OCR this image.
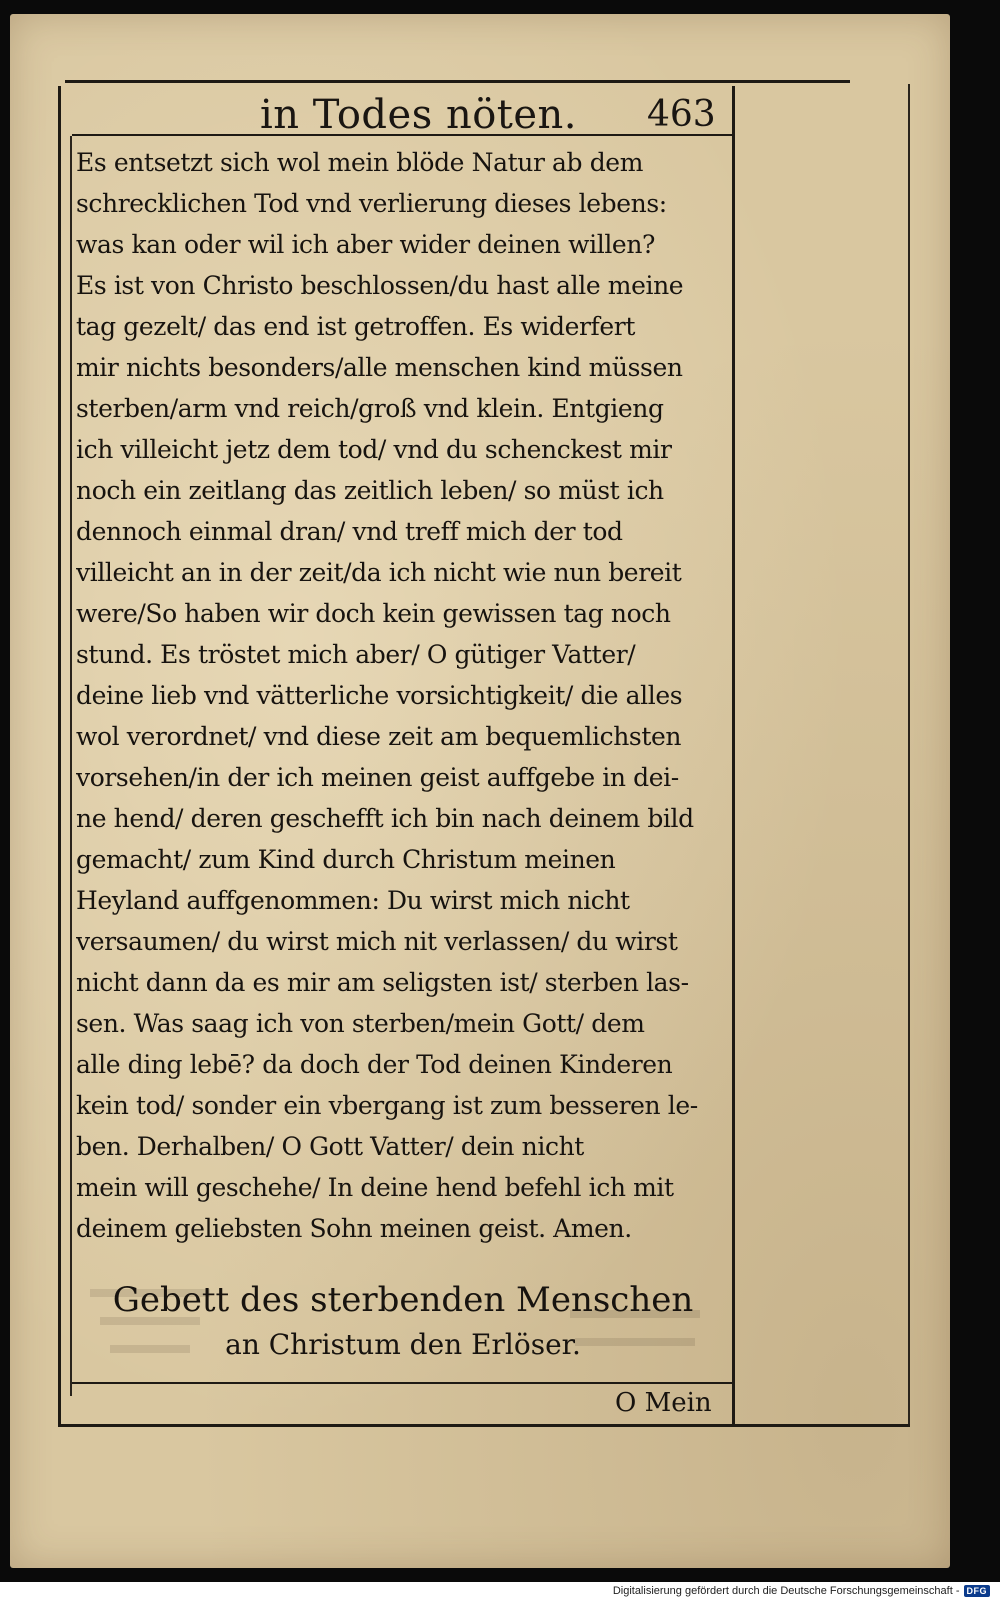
in Todes nöten. 463
Es entsetzt sich wol mein blöde Natur ab dem
schrecklichen Tod vnd verlierung dieses lebens:
was kan oder wil ich aber wider deinen willen?
Es ist von Christo beschlossen/du hast alle meine
tag gezelt/ das end ist getroffen. Es widerfert
mir nichts besonders/alle menschen kind müssen
sterben/arm vnd reich/groß vnd klein. Entgieng
ich villeicht jetz dem tod/ vnd du schenckest mir
noch ein zeitlang das zeitlich leben/ so müst ich
dennoch einmal dran/ vnd treff mich der tod
villeicht an in der zeit/da ich nicht wie nun bereit
were/So haben wir doch kein gewissen tag noch
stund. Es tröstet mich aber/ O gütiger Vatter/
deine lieb vnd vätterliche vorsichtigkeit/ die alles
wol verordnet/ vnd diese zeit am bequemlichsten
vorsehen/in der ich meinen geist auffgebe in dei-
ne hend/ deren geschefft ich bin nach deinem bild
gemacht/ zum Kind durch Christum meinen
Heyland auffgenommen: Du wirst mich nicht
versaumen/ du wirst mich nit verlassen/ du wirst
nicht dann da es mir am seligsten ist/ sterben las-
sen. Was saag ich von sterben/mein Gott/ dem
alle ding lebē? da doch der Tod deinen Kinderen
kein tod/ sonder ein vbergang ist zum besseren le-
ben. Derhalben/ O Gott Vatter/ dein nicht
mein will geschehe/ In deine hend befehl ich mit
deinem geliebsten Sohn meinen geist. Amen.
Gebett des sterbenden Menschen
an Christum den Erlöser.
O Mein
Digitalisierung gefördert durch die Deutsche Forschungsgemeinschaft - DFG
